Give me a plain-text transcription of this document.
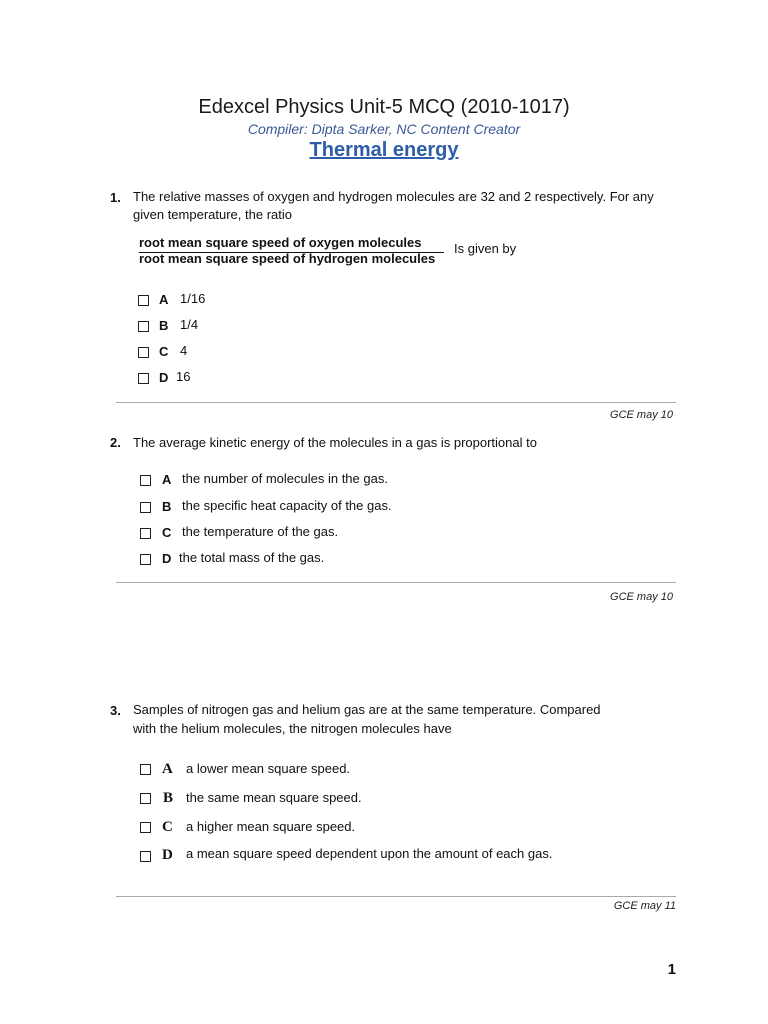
Edexcel Physics Unit-5 MCQ (2010-1017)
Compiler: Dipta Sarker, NC Content Creator
Thermal energy
1. The relative masses of oxygen and hydrogen molecules are 32 and 2 respectively. For any
given temperature, the ratio
root mean square speed of oxygen molecules
root mean square speed of hydrogen molecules
Is given by
A 1/16
B 1/4
C 4
D 16
GCE may 10
2. The average kinetic energy of the molecules in a gas is proportional to
A the number of molecules in the gas.
B the specific heat capacity of the gas.
C the temperature of the gas.
D the total mass of the gas.
GCE may 10
3. Samples of nitrogen gas and helium gas are at the same temperature. Compared
with the helium molecules, the nitrogen molecules have
A a lower mean square speed.
B the same mean square speed.
C a higher mean square speed.
D a mean square speed dependent upon the amount of each gas.
GCE may 11
1
